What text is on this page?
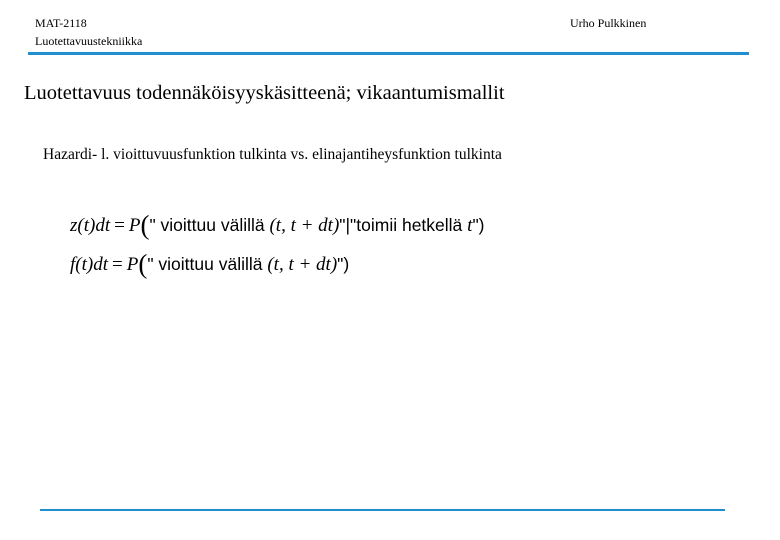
MAT-2118
Luotettavuustekniikka
Urho Pulkkinen
Luotettavuus todennäköisyyskäsitteenä; vikaantumismallit
Hazardi- l. vioittuvuusfunktion tulkinta vs. elinajantiheysfunktion tulkinta
z(t)dt = P(" vioittuu välillä (t, t + dt)"|"toimii hetkellä t")
f(t)dt = P(" vioittuu välillä (t, t + dt)")
